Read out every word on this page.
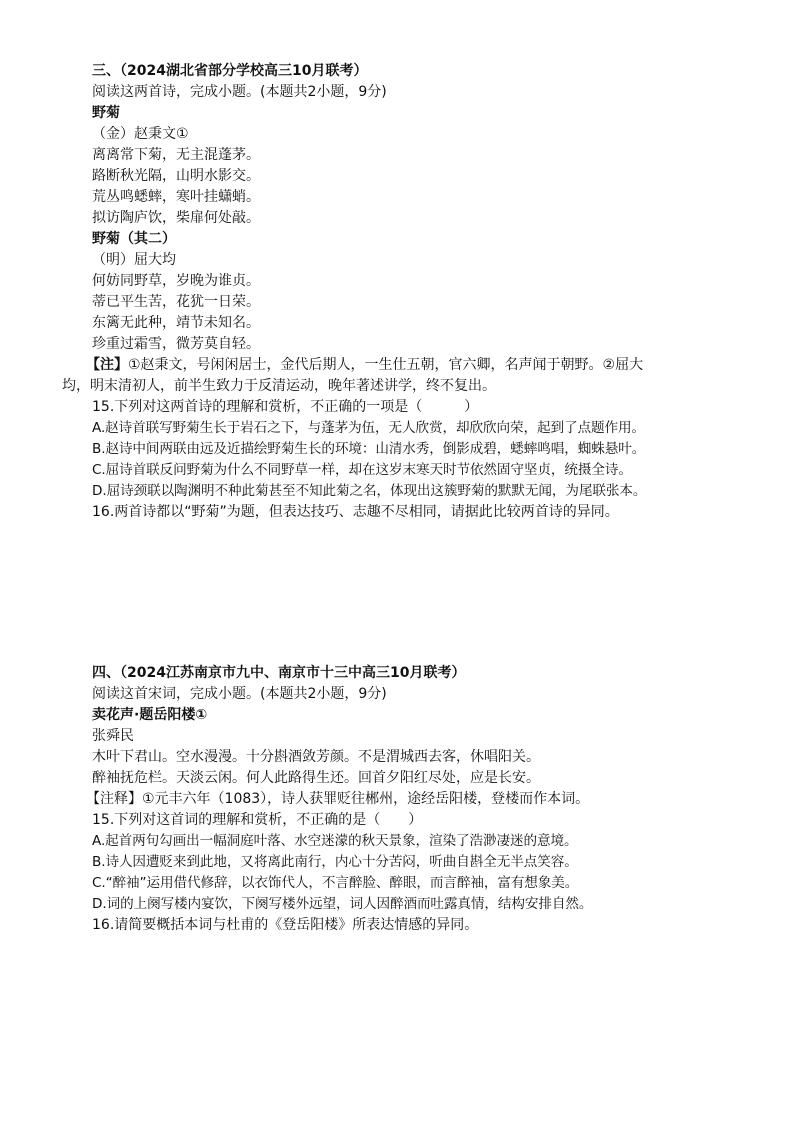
三、（2024湖北省部分学校高三10月联考）
阅读这两首诗，完成小题。(本题共2小题，9分)
野菊
（金）赵秉文①
离离常下菊，无主混蓬茅。
路断秋光隔，山明水影交。
荒丛鸣蟋蟀，寒叶挂蟏蛸。
拟访陶庐饮，柴扉何处敲。
野菊（其二）
（明）屈大均
何妨同野草，岁晚为谁贞。
蒂已平生苦，花犹一日荣。
东篱无此种，靖节未知名。
珍重过霜雪，微芳莫自轻。
【注】①赵秉文，号闲闲居士，金代后期人，一生仕五朝，官六卿，名声闻于朝野。②屈大
均，明末清初人，前半生致力于反清运动，晚年著述讲学，终不复出。
15.下列对这两首诗的理解和赏析，不正确的一项是（　　　）
A.赵诗首联写野菊生长于岩石之下，与蓬茅为伍，无人欣赏，却欣欣向荣，起到了点题作用。
B.赵诗中间两联由远及近描绘野菊生长的环境：山清水秀，倒影成碧，蟋蟀鸣唱，蜘蛛悬叶。
C.屈诗首联反问野菊为什么不同野草一样，却在这岁末寒天时节依然固守坚贞，统摄全诗。
D.屈诗颈联以陶渊明不种此菊甚至不知此菊之名，体现出这簇野菊的默默无闻，为尾联张本。
16.两首诗都以“野菊”为题，但表达技巧、志趣不尽相同，请据此比较两首诗的异同。
四、（2024江苏南京市九中、南京市十三中高三10月联考）
阅读这首宋词，完成小题。(本题共2小题，9分)
卖花声·题岳阳楼①
张舜民
木叶下君山。空水漫漫。十分斟酒敛芳颜。不是渭城西去客，休唱阳关。
醉袖抚危栏。天淡云闲。何人此路得生还。回首夕阳红尽处，应是长安。
【注释】①元丰六年（1083），诗人获罪贬往郴州，途经岳阳楼，登楼而作本词。
15.下列对这首词的理解和赏析，不正确的是（　　）
A.起首两句勾画出一幅洞庭叶落、水空迷濛的秋天景象，渲染了浩渺凄迷的意境。
B.诗人因遭贬来到此地，又将离此南行，内心十分苦闷，听曲自斟全无半点笑容。
C.“醉袖”运用借代修辞，以衣饰代人，不言醉脸、醉眼，而言醉袖，富有想象美。
D.词的上阕写楼内宴饮，下阕写楼外远望，词人因醉酒而吐露真情，结构安排自然。
16.请简要概括本词与杜甫的《登岳阳楼》所表达情感的异同。
